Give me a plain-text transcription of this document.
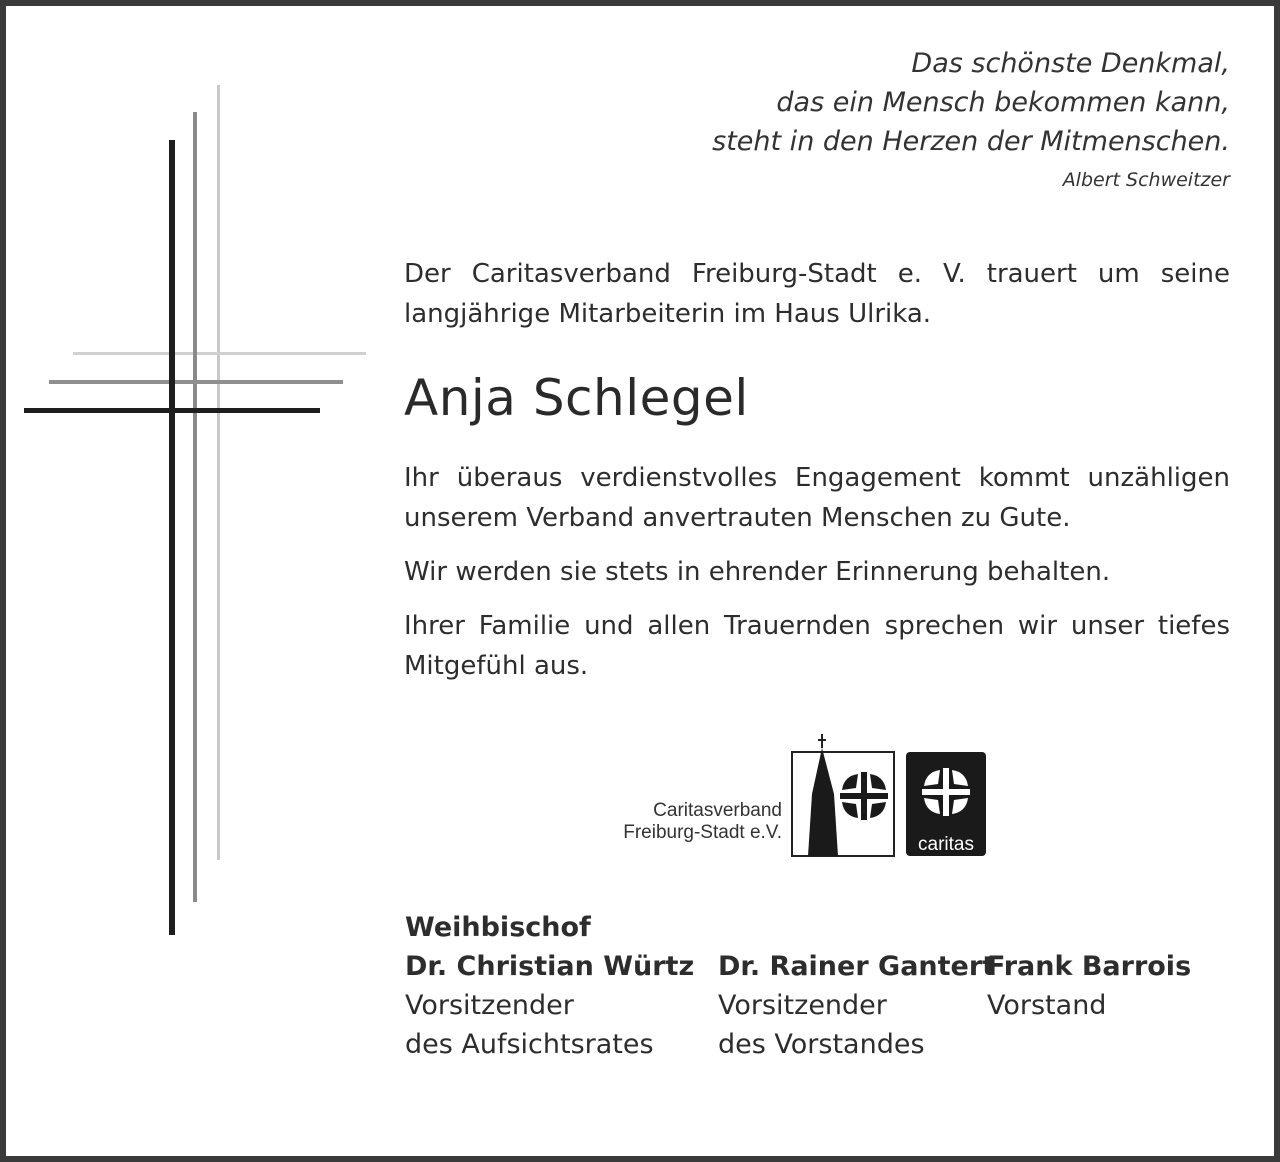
Das schönste Denkmal,
das ein Mensch bekommen kann,
steht in den Herzen der Mitmenschen.
Albert Schweitzer

Der Caritasverband Freiburg-Stadt e. V. trauert um seine langjährige Mitarbeiterin im Haus Ulrika.

Anja Schlegel

Ihr überaus verdienstvolles Engagement kommt unzähligen unserem Verband anvertrauten Menschen zu Gute.

Wir werden sie stets in ehrender Erinnerung behalten.

Ihrer Familie und allen Trauernden sprechen wir unser tiefes Mitgefühl aus.

Caritasverband
Freiburg-Stadt e.V.
caritas
Weihbischof
Dr. Christian Würtz
Vorsitzender
des Aufsichtsrates
Dr. Rainer Gantert
Vorsitzender
des Vorstandes
Frank Barrois
Vorstand
